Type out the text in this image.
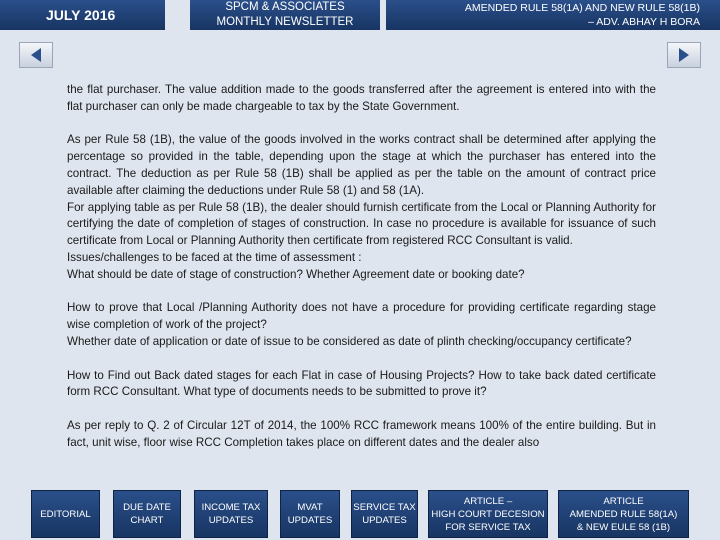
JULY 2016	SPCM & ASSOCIATES
MONTHLY NEWSLETTER
AMENDED RULE 58(1A) AND NEW RULE 58(1B)
– ADV. ABHAY H BORA

the flat purchaser. The value addition made to the goods transferred after the agreement is entered into with the flat purchaser can only be made chargeable to tax by the State Government.

As per Rule 58 (1B), the value of the goods involved in the works contract shall be determined after applying the percentage so provided in the table, depending upon the stage at which the purchaser has entered into the contract. The deduction as per Rule 58 (1B) shall be applied as per the table on the amount of contract price available after claiming the deductions under Rule 58 (1) and 58 (1A).

For applying table as per Rule 58 (1B), the dealer should furnish certificate from the Local or Planning Authority for certifying the date of completion of stages of construction. In case no procedure is available for issuance of such certificate from Local or Planning Authority then certificate from registered RCC Consultant is valid.

Issues/challenges to be faced at the time of assessment :

What should be date of stage of construction? Whether Agreement date or booking date?

How to prove that Local /Planning Authority does not have a procedure for providing certificate regarding stage wise completion of work of the project?

Whether date of application or date of issue to be considered as date of plinth checking/occupancy certificate?

How to Find out Back dated stages for each Flat in case of Housing Projects? How to take back dated certificate form RCC Consultant. What type of documents needs to be submitted to prove it?

As per reply to Q. 2 of Circular 12T of 2014, the 100% RCC framework means 100% of the entire building. But in fact, unit wise, floor wise RCC Completion takes place on different dates and the dealer also

EDITORIAL
DUE DATE
CHART
INCOME TAX
UPDATES
MVAT
UPDATES
SERVICE TAX
UPDATES
ARTICLE –
HIGH COURT DECESION
FOR SERVICE TAX
ARTICLE
AMENDED RULE 58(1A)
& NEW EULE 58 (1B)
